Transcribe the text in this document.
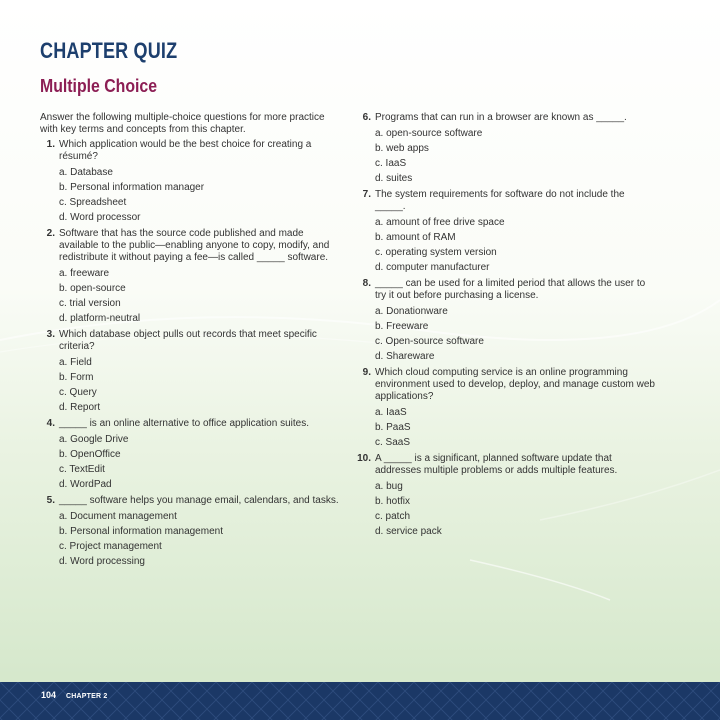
CHAPTER QUIZ
Multiple Choice
Answer the following multiple-choice questions for more practice with key terms and concepts from this chapter.
1. Which application would be the best choice for creating a résumé?
a. Database
b. Personal information manager
c. Spreadsheet
d. Word processor
2. Software that has the source code published and made available to the public—enabling anyone to copy, modify, and redistribute it without paying a fee—is called _____ software.
a. freeware
b. open-source
c. trial version
d. platform-neutral
3. Which database object pulls out records that meet specific criteria?
a. Field
b. Form
c. Query
d. Report
4. _____ is an online alternative to office application suites.
a. Google Drive
b. OpenOffice
c. TextEdit
d. WordPad
5. _____ software helps you manage email, calendars, and tasks.
a. Document management
b. Personal information management
c. Project management
d. Word processing
6. Programs that can run in a browser are known as _____.
a. open-source software
b. web apps
c. IaaS
d. suites
7. The system requirements for software do not include the _____.
a. amount of free drive space
b. amount of RAM
c. operating system version
d. computer manufacturer
8. _____ can be used for a limited period that allows the user to try it out before purchasing a license.
a. Donationware
b. Freeware
c. Open-source software
d. Shareware
9. Which cloud computing service is an online programming environment used to develop, deploy, and manage custom web applications?
a. IaaS
b. PaaS
c. SaaS
10. A _____ is a significant, planned software update that addresses multiple problems or adds multiple features.
a. bug
b. hotfix
c. patch
d. service pack
104 CHAPTER 2
